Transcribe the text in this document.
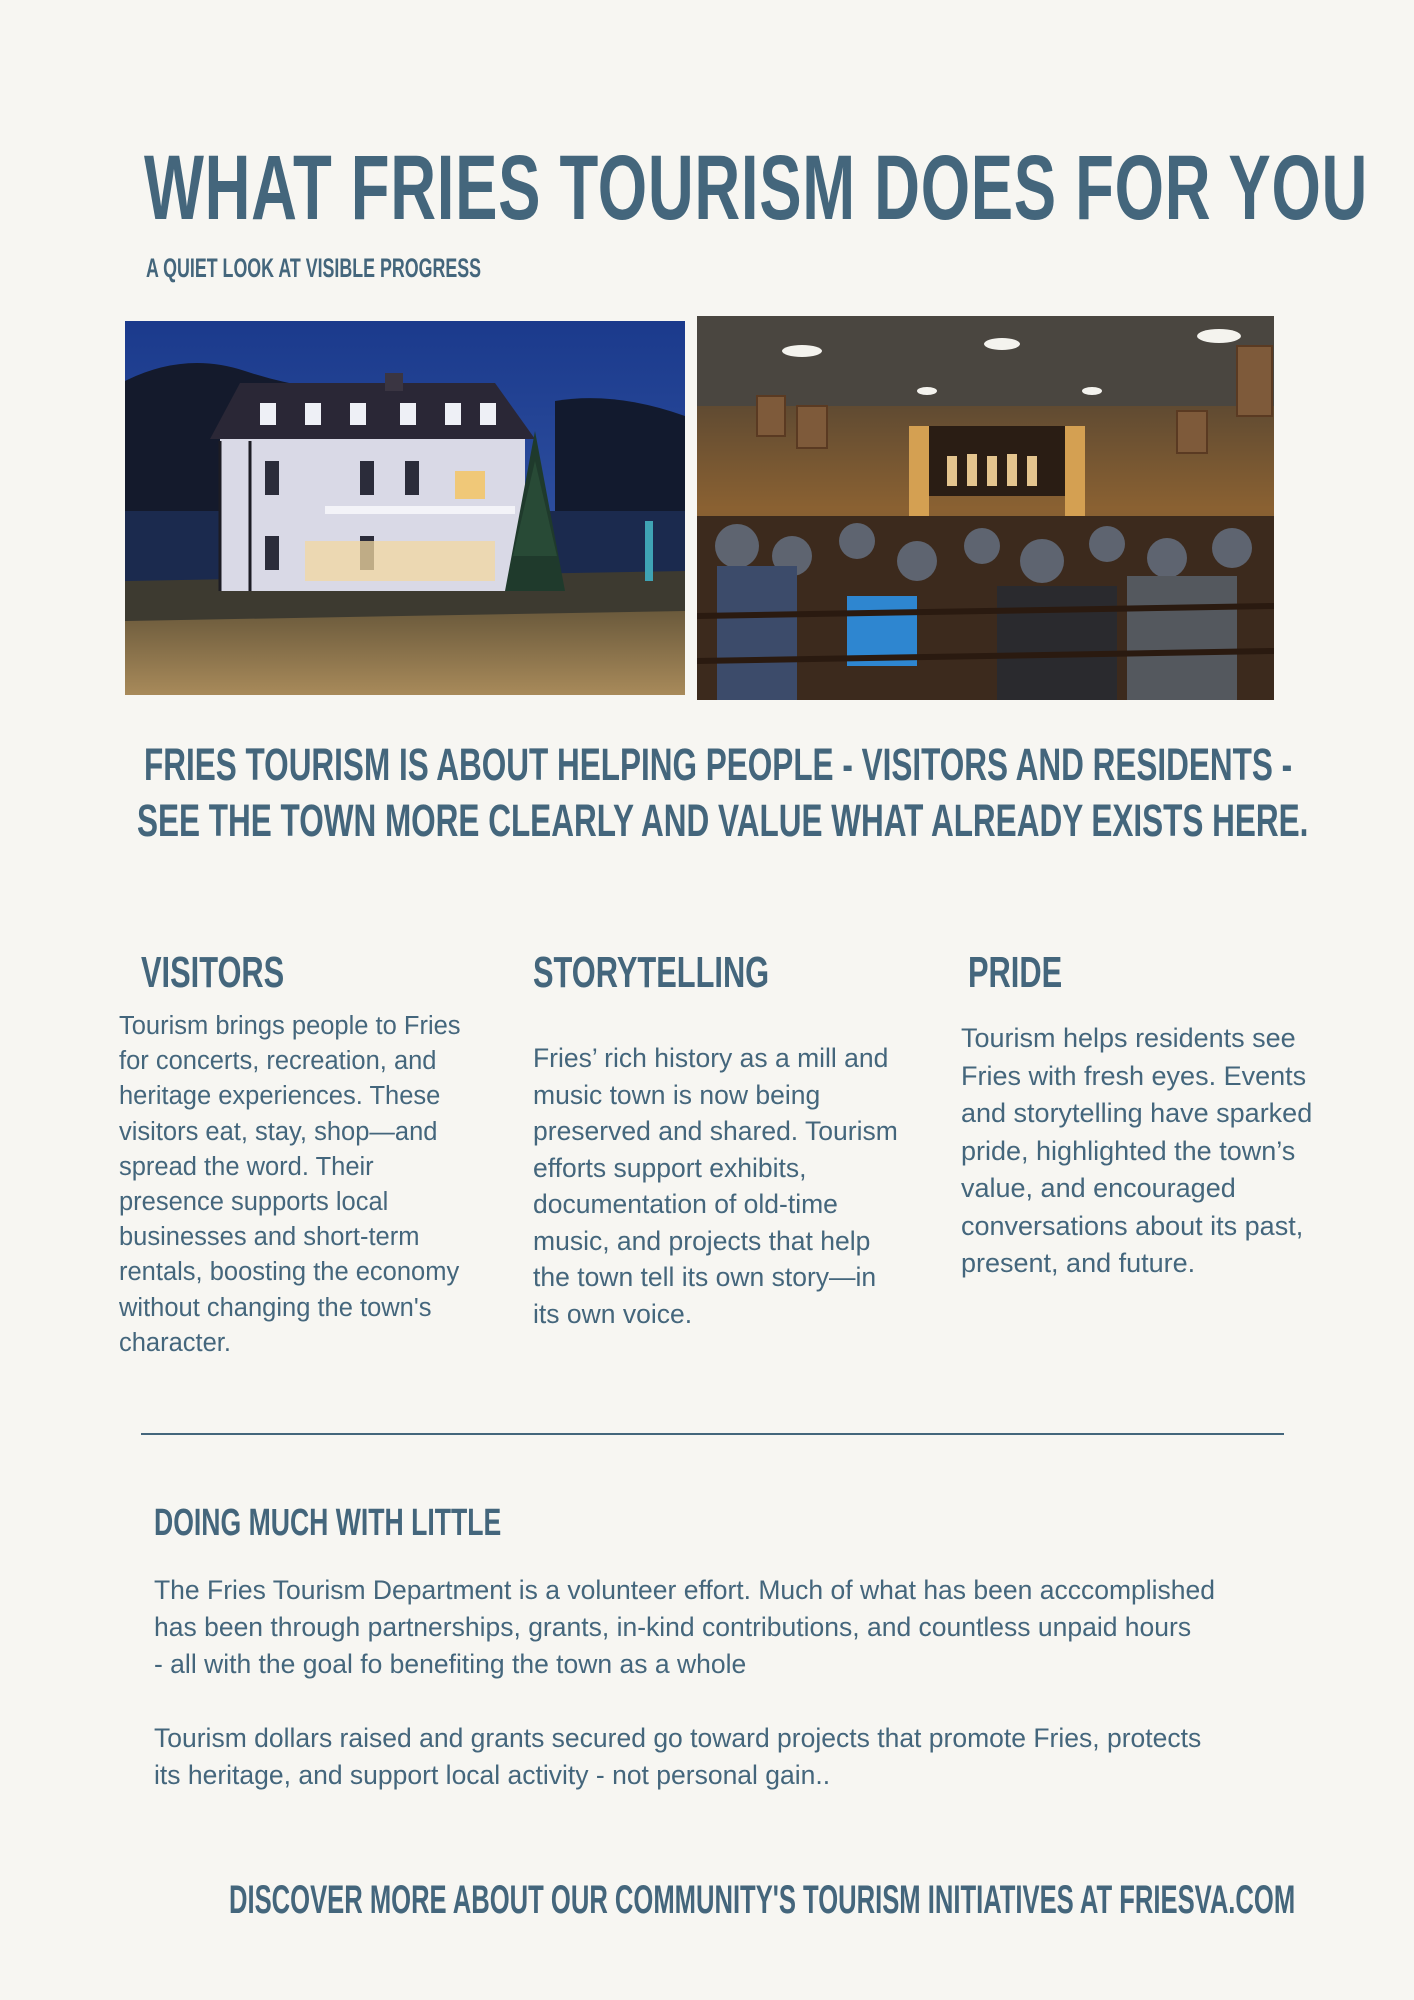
WHAT FRIES TOURISM DOES FOR YOU
A QUIET LOOK AT VISIBLE PROGRESS
FRIES TOURISM IS ABOUT HELPING PEOPLE - VISITORS AND RESIDENTS -
SEE THE TOWN MORE CLEARLY AND VALUE WHAT ALREADY EXISTS HERE.
VISITORS

Tourism brings people to Fries for concerts, recreation, and heritage experiences. These visitors eat, stay, shop—and spread the word. Their presence supports local businesses and short-term rentals, boosting the economy without changing the town's character.

STORYTELLING

Fries’ rich history as a mill and music town is now being preserved and shared. Tourism efforts support exhibits, documentation of old-time music, and projects that help the town tell its own story—in its own voice.

PRIDE

Tourism helps residents see Fries with fresh eyes. Events and storytelling have sparked pride, highlighted the town’s value, and encouraged conversations about its past, present, and future.

DOING MUCH WITH LITTLE

The Fries Tourism Department is a volunteer effort. Much of what has been acccomplished
has been through partnerships, grants, in-kind contributions, and countless unpaid hours
- all with the goal fo benefiting the town as a whole

Tourism dollars raised and grants secured go toward projects that promote Fries, protects
its heritage, and support local activity - not personal gain..

DISCOVER MORE ABOUT OUR COMMUNITY'S TOURISM INITIATIVES AT FRIESVA.COM
